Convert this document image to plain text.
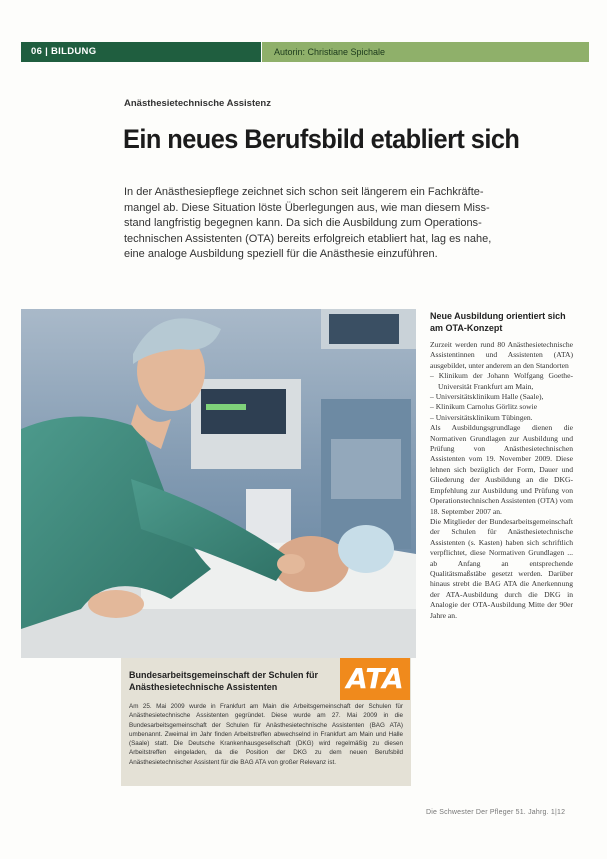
06 | BILDUNG	Autorin: Christiane Spichale
Anästhesietechnische Assistenz
Ein neues Berufsbild etabliert sich

In der Anästhesiepflege zeichnet sich schon seit längerem ein Fachkräftemangel ab. Diese Situation löste Überlegungen aus, wie man diesem Missstand langfristig begegnen kann. Da sich die Ausbildung zum Operationstechnischen Assistenten (OTA) bereits erfolgreich etabliert hat, lag es nahe, eine analoge Ausbildung speziell für die Anästhesie einzuführen.

Bundesarbeitsgemeinschaft der Schulen für Anästhesietechnische Assistenten	ATA
Am 25. Mai 2009 wurde in Frankfurt am Main die Arbeitsgemeinschaft der Schulen für Anästhesietechnische Assistenten gegründet. Diese wurde am 27. Mai 2009 in die Bundesarbeitsgemeinschaft der Schulen für Anästhesietechnische Assistenten (BAG ATA) umbenannt. Zweimal im Jahr finden Arbeitstreffen abwechselnd in Frankfurt am Main und Halle (Saale) statt. Die Deutsche Krankenhausgesellschaft (DKG) wird regelmäßig zu diesen Arbeitstreffen eingeladen, da die Position der DKG zu dem neuen Berufsbild Anästhesietechnischer Assistent für die BAG ATA von großer Relevanz ist.
Neue Ausbildung orientiert sich am OTA-Konzept

Zurzeit werden rund 80 Anästhesietechnische Assistentinnen und Assistenten (ATA) ausgebildet, unter anderem an den Standorten

– Klinikum der Johann Wolfgang Goethe-Universität Frankfurt am Main,
– Universitätsklinikum Halle (Saale),
– Klinikum Carnolus Görlitz sowie
– Universitätsklinikum Tübingen.

Als Ausbildungsgrundlage dienen die Normativen Grundlagen zur Ausbildung und Prüfung von Anästhesietechnischen Assistenten vom 19. November 2009. Diese lehnen sich bezüglich der Form, Dauer und Gliederung der Ausbildung an die DKG-Empfehlung zur Ausbildung und Prüfung von Operationstechnischen Assistenten (OTA) vom 18. September 2007 an.

Die Mitglieder der Bundesarbeitsgemeinschaft der Schulen für Anästhesietechnische Assistenten (s. Kasten) haben sich schriftlich verpflichtet, diese Normativen Grundlagen ... ab Anfang an entsprechende Qualitätsmaßstäbe gesetzt werden. Darüber hinaus strebt die BAG ATA die Anerkennung der ATA-Ausbildung durch die DKG in Analogie der OTA-Ausbildung Mitte der 90er Jahre an.

Die Schwester Der Pfleger 51. Jahrg. 1|12
